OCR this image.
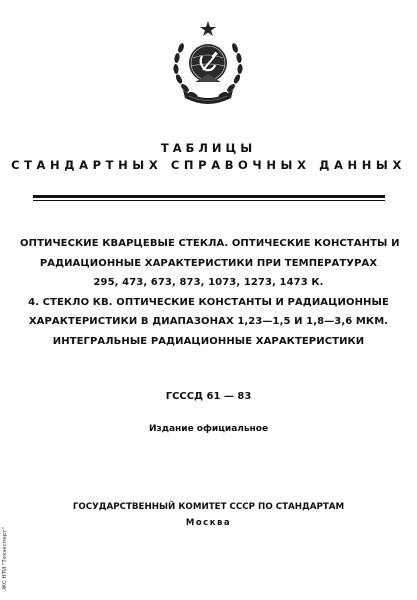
ТАБЛИЦЫ
СТАНДАРТНЫХ СПРАВОЧНЫХ ДАННЫХ
ОПТИЧЕСКИЕ КВАРЦЕВЫЕ СТЕКЛА. ОПТИЧЕСКИЕ КОНСТАНТЫ И
РАДИАЦИОННЫЕ ХАРАКТЕРИСТИКИ ПРИ ТЕМПЕРАТУРАХ
295, 473, 673, 873, 1073, 1273, 1473 К.
4. СТЕКЛО КВ. ОПТИЧЕСКИЕ КОНСТАНТЫ И РАДИАЦИОННЫЕ
ХАРАКТЕРИСТИКИ В ДИАПАЗОНАХ 1,23—1,5 И 1,8—3,6 МКМ.
ИНТЕГРАЛЬНЫЕ РАДИАЦИОННЫЕ ХАРАКТЕРИСТИКИ
ГСССД 61 — 83
Издание официальное
ГОСУДАРСТВЕННЫЙ КОМИТЕТ СССР ПО СТАНДАРТАМ
Москва
ЖС НТИ "Техэксперт"
